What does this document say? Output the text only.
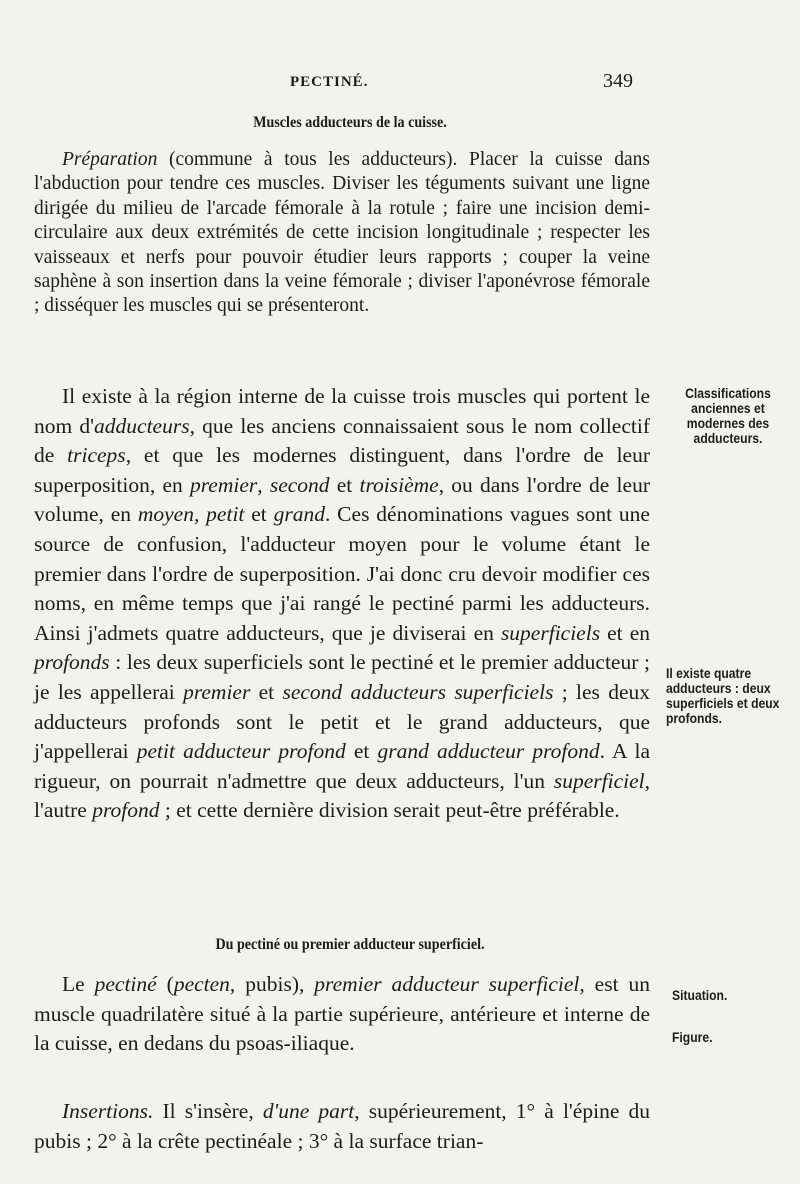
PECTINÉ.	349
Muscles adducteurs de la cuisse.

Préparation (commune à tous les adducteurs). Placer la cuisse dans l'abduction pour tendre ces muscles. Diviser les téguments suivant une ligne dirigée du milieu de l'arcade fémorale à la rotule ; faire une incision demi-circulaire aux deux extrémités de cette incision longitudinale ; respecter les vaisseaux et nerfs pour pouvoir étudier leurs rapports ; couper la veine saphène à son insertion dans la veine fémorale ; diviser l'aponévrose fémorale ; disséquer les muscles qui se présenteront.

Il existe à la région interne de la cuisse trois muscles qui portent le nom d'adducteurs, que les anciens connaissaient sous le nom collectif de triceps, et que les modernes distinguent, dans l'ordre de leur superposition, en premier, second et troisième, ou dans l'ordre de leur volume, en moyen, petit et grand. Ces dénominations vagues sont une source de confusion, l'adducteur moyen pour le volume étant le premier dans l'ordre de superposition. J'ai donc cru devoir modifier ces noms, en même temps que j'ai rangé le pectiné parmi les adducteurs. Ainsi j'admets quatre adducteurs, que je diviserai en superficiels et en profonds : les deux superficiels sont le pectiné et le premier adducteur ; je les appellerai premier et second adducteurs superficiels ; les deux adducteurs profonds sont le petit et le grand adducteurs, que j'appellerai petit adducteur profond et grand adducteur profond. A la rigueur, on pourrait n'admettre que deux adducteurs, l'un superficiel, l'autre profond ; et cette dernière division serait peut-être préférable.

Du pectiné ou premier adducteur superficiel.

Le pectiné (pecten, pubis), premier adducteur superficiel, est un muscle quadrilatère situé à la partie supérieure, antérieure et interne de la cuisse, en dedans du psoas-iliaque.

Insertions. Il s'insère, d'une part, supérieurement, 1° à l'épine du pubis ; 2° à la crête pectinéale ; 3° à la surface trian-

Classifications anciennes et modernes des adducteurs.
Il existe quatre adducteurs : deux superficiels et deux profonds.
Situation.
Figure.
